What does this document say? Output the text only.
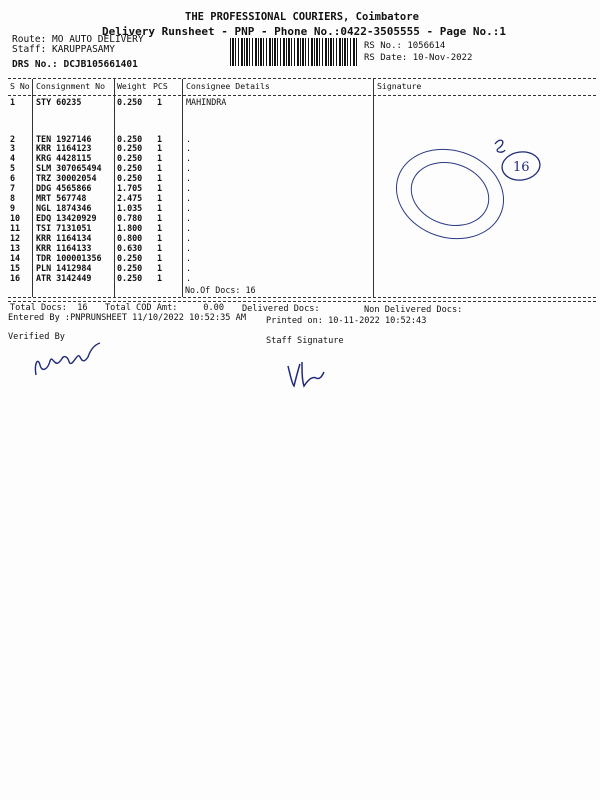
THE PROFESSIONAL COURIERS, Coimbatore
Delivery Runsheet - PNP - Phone No.:0422-3505555 - Page No.:1
Route: MO AUTO DELIVERY
Staff: KARUPPASAMY
DRS No.: DCJB105661401
RS No.: 1056614
RS Date: 10-Nov-2022
S No Consignment No Weight PCS Consignee Details	Signature
1 STY 60235	0.250 1	MAHINDRA
2 TEN 1927146	0.250 1	.
3 KRR 1164123	0.250 1	.
4 KRG 4428115	0.250 1	.
5 SLM 307065494 0.250 1	.
6 TRZ 30002054 0.250 1	.
7 DDG 4565866	1.705 1	.
8 MRT 567748	2.475 1	.
9 NGL 1874346	1.035 1	.
10 EDQ 13420929 0.780 1	.
11 TSI 7131051	1.800 1	.
12 KRR 1164134	0.800 1	.
13 KRR 1164133	0.630 1	.
14 TDR 100001356 0.250 1	.
15 PLN 1412984	0.250 1	.
16 ATR 3142449	0.250 1	.
No.Of Docs: 16
16
Total Docs:  16 Total COD Amt:     0.00 Delivered Docs:	Non Delivered Docs:
Entered By :PNPRUNSHEET 11/10/2022 10:52:35 AM Printed on: 10-11-2022 10:52:43
Verified By	Staff Signature
